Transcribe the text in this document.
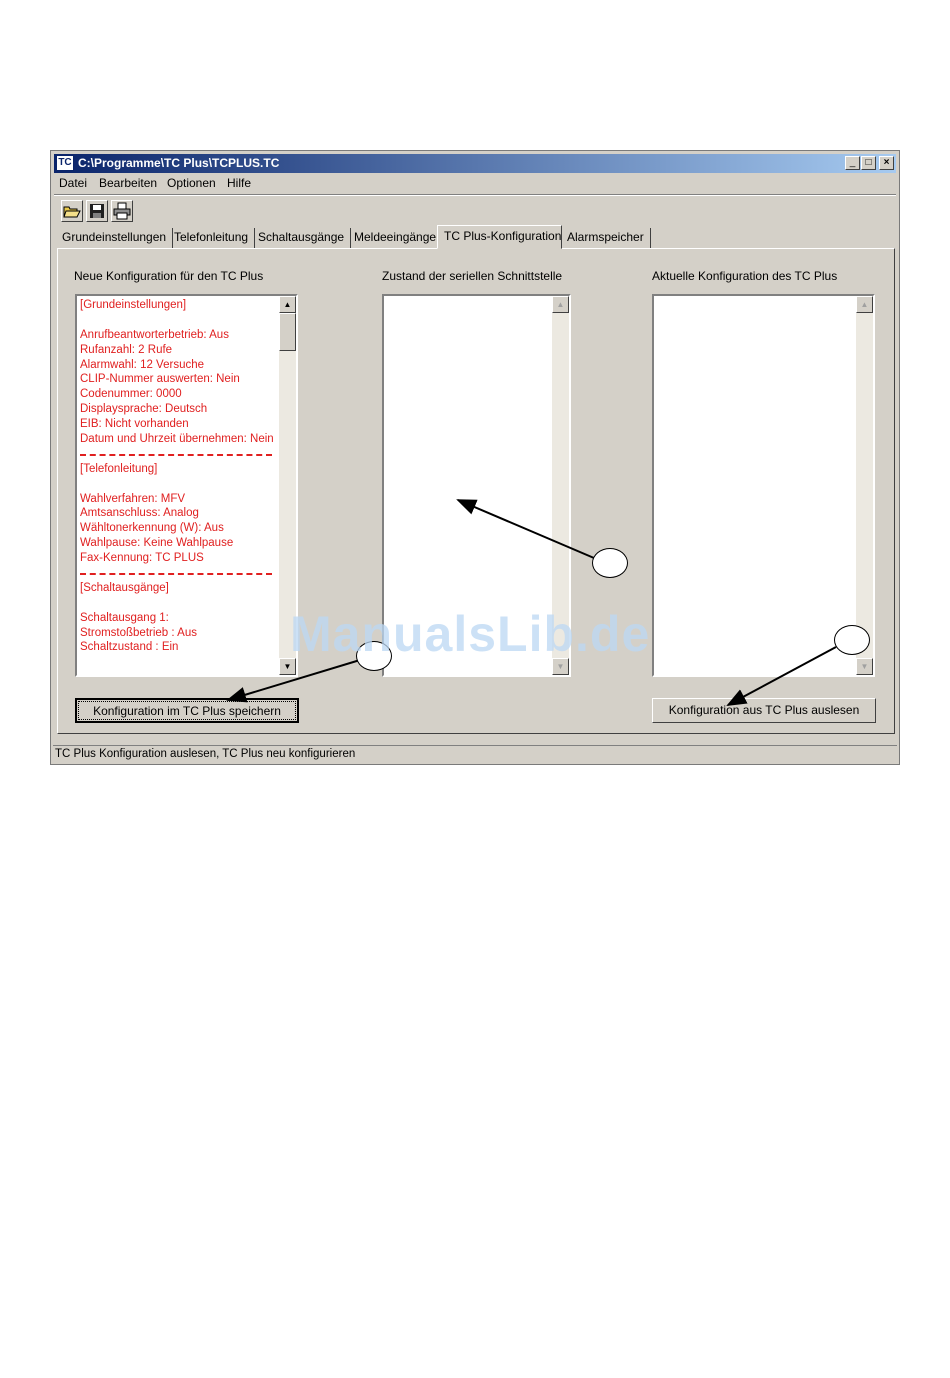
TC C:\Programme\TC Plus\TCPLUS.TC	_	□	×
Datei Bearbeiten Optionen Hilfe
Grundeinstellungen Telefonleitung Schaltausgänge Meldeeingänge TC Plus-Konfiguration Alarmspeicher
Neue Konfiguration für den TC Plus	Zustand der seriellen Schnittstelle	Aktuelle Konfiguration des TC Plus
[Grundeinstellungen]
Anrufbeantworterbetrieb: Aus
Rufanzahl: 2 Rufe
Alarmwahl: 12 Versuche
CLIP-Nummer auswerten: Nein
Codenummer: 0000
Displaysprache: Deutsch
EIB: Nicht vorhanden
Datum und Uhrzeit übernehmen: Nein
[Telefonleitung]
Wahlverfahren: MFV
Amtsanschluss: Analog
Wähltonerkennung (W): Aus
Wahlpause: Keine Wahlpause
Fax-Kennung: TC PLUS
[Schaltausgänge]
Schaltausgang 1:
Stromstoßbetrieb : Aus
Schaltzustand : Ein
▲
▼
▲
▼
▲
▼
Konfiguration im TC Plus speichern	Konfiguration aus TC Plus auslesen
TC Plus Konfiguration auslesen, TC Plus neu konfigurieren
ManualsLib.de
